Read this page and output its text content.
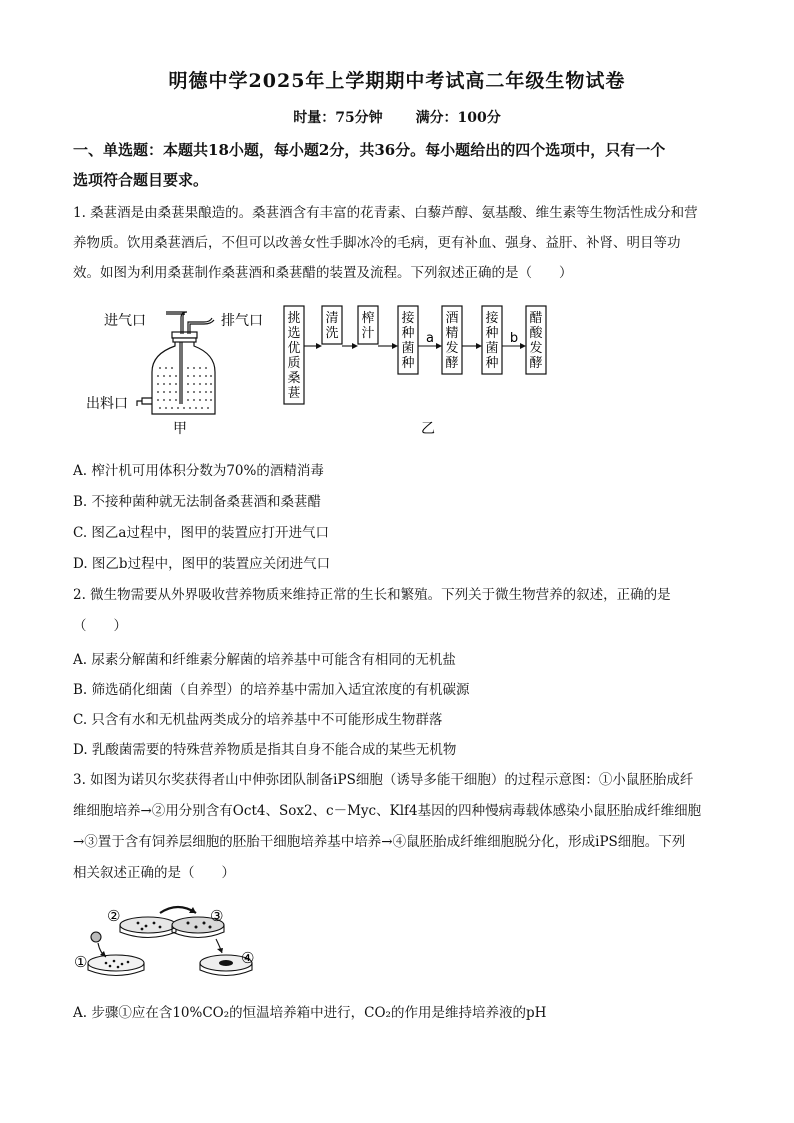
明德中学2025年上学期期中考试高二年级生物试卷
时量：75分钟 满分：100分
一、单选题：本题共18小题，每小题2分，共36分。每小题给出的四个选项中，只有一个
选项符合题目要求。
1. 桑葚酒是由桑葚果酿造的。桑葚酒含有丰富的花青素、白藜芦醇、氨基酸、维生素等生物活性成分和营
养物质。饮用桑葚酒后，不但可以改善女性手脚冰冷的毛病，更有补血、强身、益肝、补肾、明目等功
效。如图为利用桑葚制作桑葚酒和桑葚醋的装置及流程。下列叙述正确的是（　　）
进气口	排气口
出料口
甲
挑选优质桑葚
清洗
榨汁
接种菌种
酒精发酵
接种菌种
醋酸发酵
a	b
乙
A. 榨汁机可用体积分数为70%的酒精消毒
B. 不接种菌种就无法制备桑葚酒和桑葚醋
C. 图乙a过程中，图甲的装置应打开进气口
D. 图乙b过程中，图甲的装置应关闭进气口
2. 微生物需要从外界吸收营养物质来维持正常的生长和繁殖。下列关于微生物营养的叙述，正确的是
（　　）
A. 尿素分解菌和纤维素分解菌的培养基中可能含有相同的无机盐
B. 筛选硝化细菌（自养型）的培养基中需加入适宜浓度的有机碳源
C. 只含有水和无机盐两类成分的培养基中不可能形成生物群落
D. 乳酸菌需要的特殊营养物质是指其自身不能合成的某些无机物
3. 如图为诺贝尔奖获得者山中伸弥团队制备iPS细胞（诱导多能干细胞）的过程示意图：①小鼠胚胎成纤
维细胞培养→②用分别含有Oct4、Sox2、c－Myc、Klf4基因的四种慢病毒载体感染小鼠胚胎成纤维细胞
→③置于含有饲养层细胞的胚胎干细胞培养基中培养→④鼠胚胎成纤维细胞脱分化，形成iPS细胞。下列
相关叙述正确的是（　　）
①
②	③
④
A. 步骤①应在含10%CO₂的恒温培养箱中进行，CO₂的作用是维持培养液的pH
